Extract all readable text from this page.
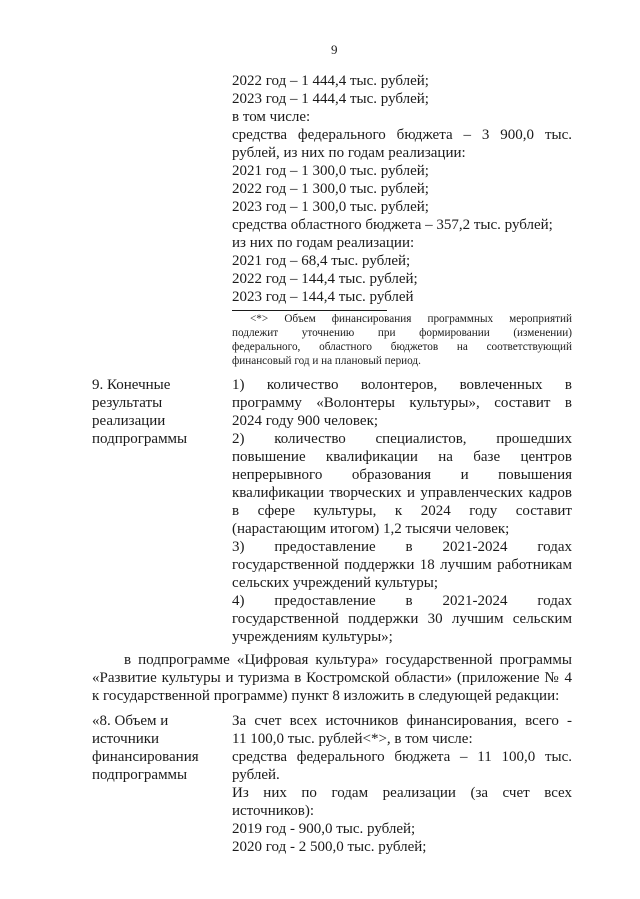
9
2022 год – 1 444,4 тыс. рублей;
2023 год – 1 444,4 тыс. рублей;
в том числе:
средства федерального бюджета – 3 900,0 тыс.
рублей, из них по годам реализации:
2021 год – 1 300,0 тыс. рублей;
2022 год – 1 300,0 тыс. рублей;
2023 год – 1 300,0 тыс. рублей;
средства областного бюджета – 357,2 тыс. рублей;
из них по годам реализации:
2021 год – 68,4 тыс. рублей;
2022 год – 144,4 тыс. рублей;
2023 год – 144,4 тыс. рублей
<*> Объем финансирования программных мероприятий
подлежит уточнению при формировании (изменении)
федерального, областного бюджетов на соответствующий
финансовый год и на плановый период.
9. Конечные
результаты
реализации
подпрограммы
1) количество волонтеров, вовлеченных в
программу «Волонтеры культуры», составит в
2024 году 900 человек;
2) количество специалистов, прошедших
повышение квалификации на базе центров
непрерывного образования и повышения
квалификации творческих и управленческих кадров
в сфере культуры, к 2024 году составит
(нарастающим итогом) 1,2 тысячи человек;
3) предоставление в 2021-2024 годах
государственной поддержки 18 лучшим работникам
сельских учреждений культуры;
4) предоставление в 2021-2024 годах
государственной поддержки 30 лучшим сельским
учреждениям культуры»;
в подпрограмме «Цифровая культура» государственной программы
«Развитие культуры и туризма в Костромской области» (приложение № 4
к государственной программе) пункт 8 изложить в следующей редакции:
«8. Объем и
источники
финансирования
подпрограммы
За счет всех источников финансирования, всего -
11 100,0 тыс. рублей<*>, в том числе:
средства федерального бюджета – 11 100,0 тыс.
рублей.
Из них по годам реализации (за счет всех
источников):
2019 год - 900,0 тыс. рублей;
2020 год - 2 500,0 тыс. рублей;
